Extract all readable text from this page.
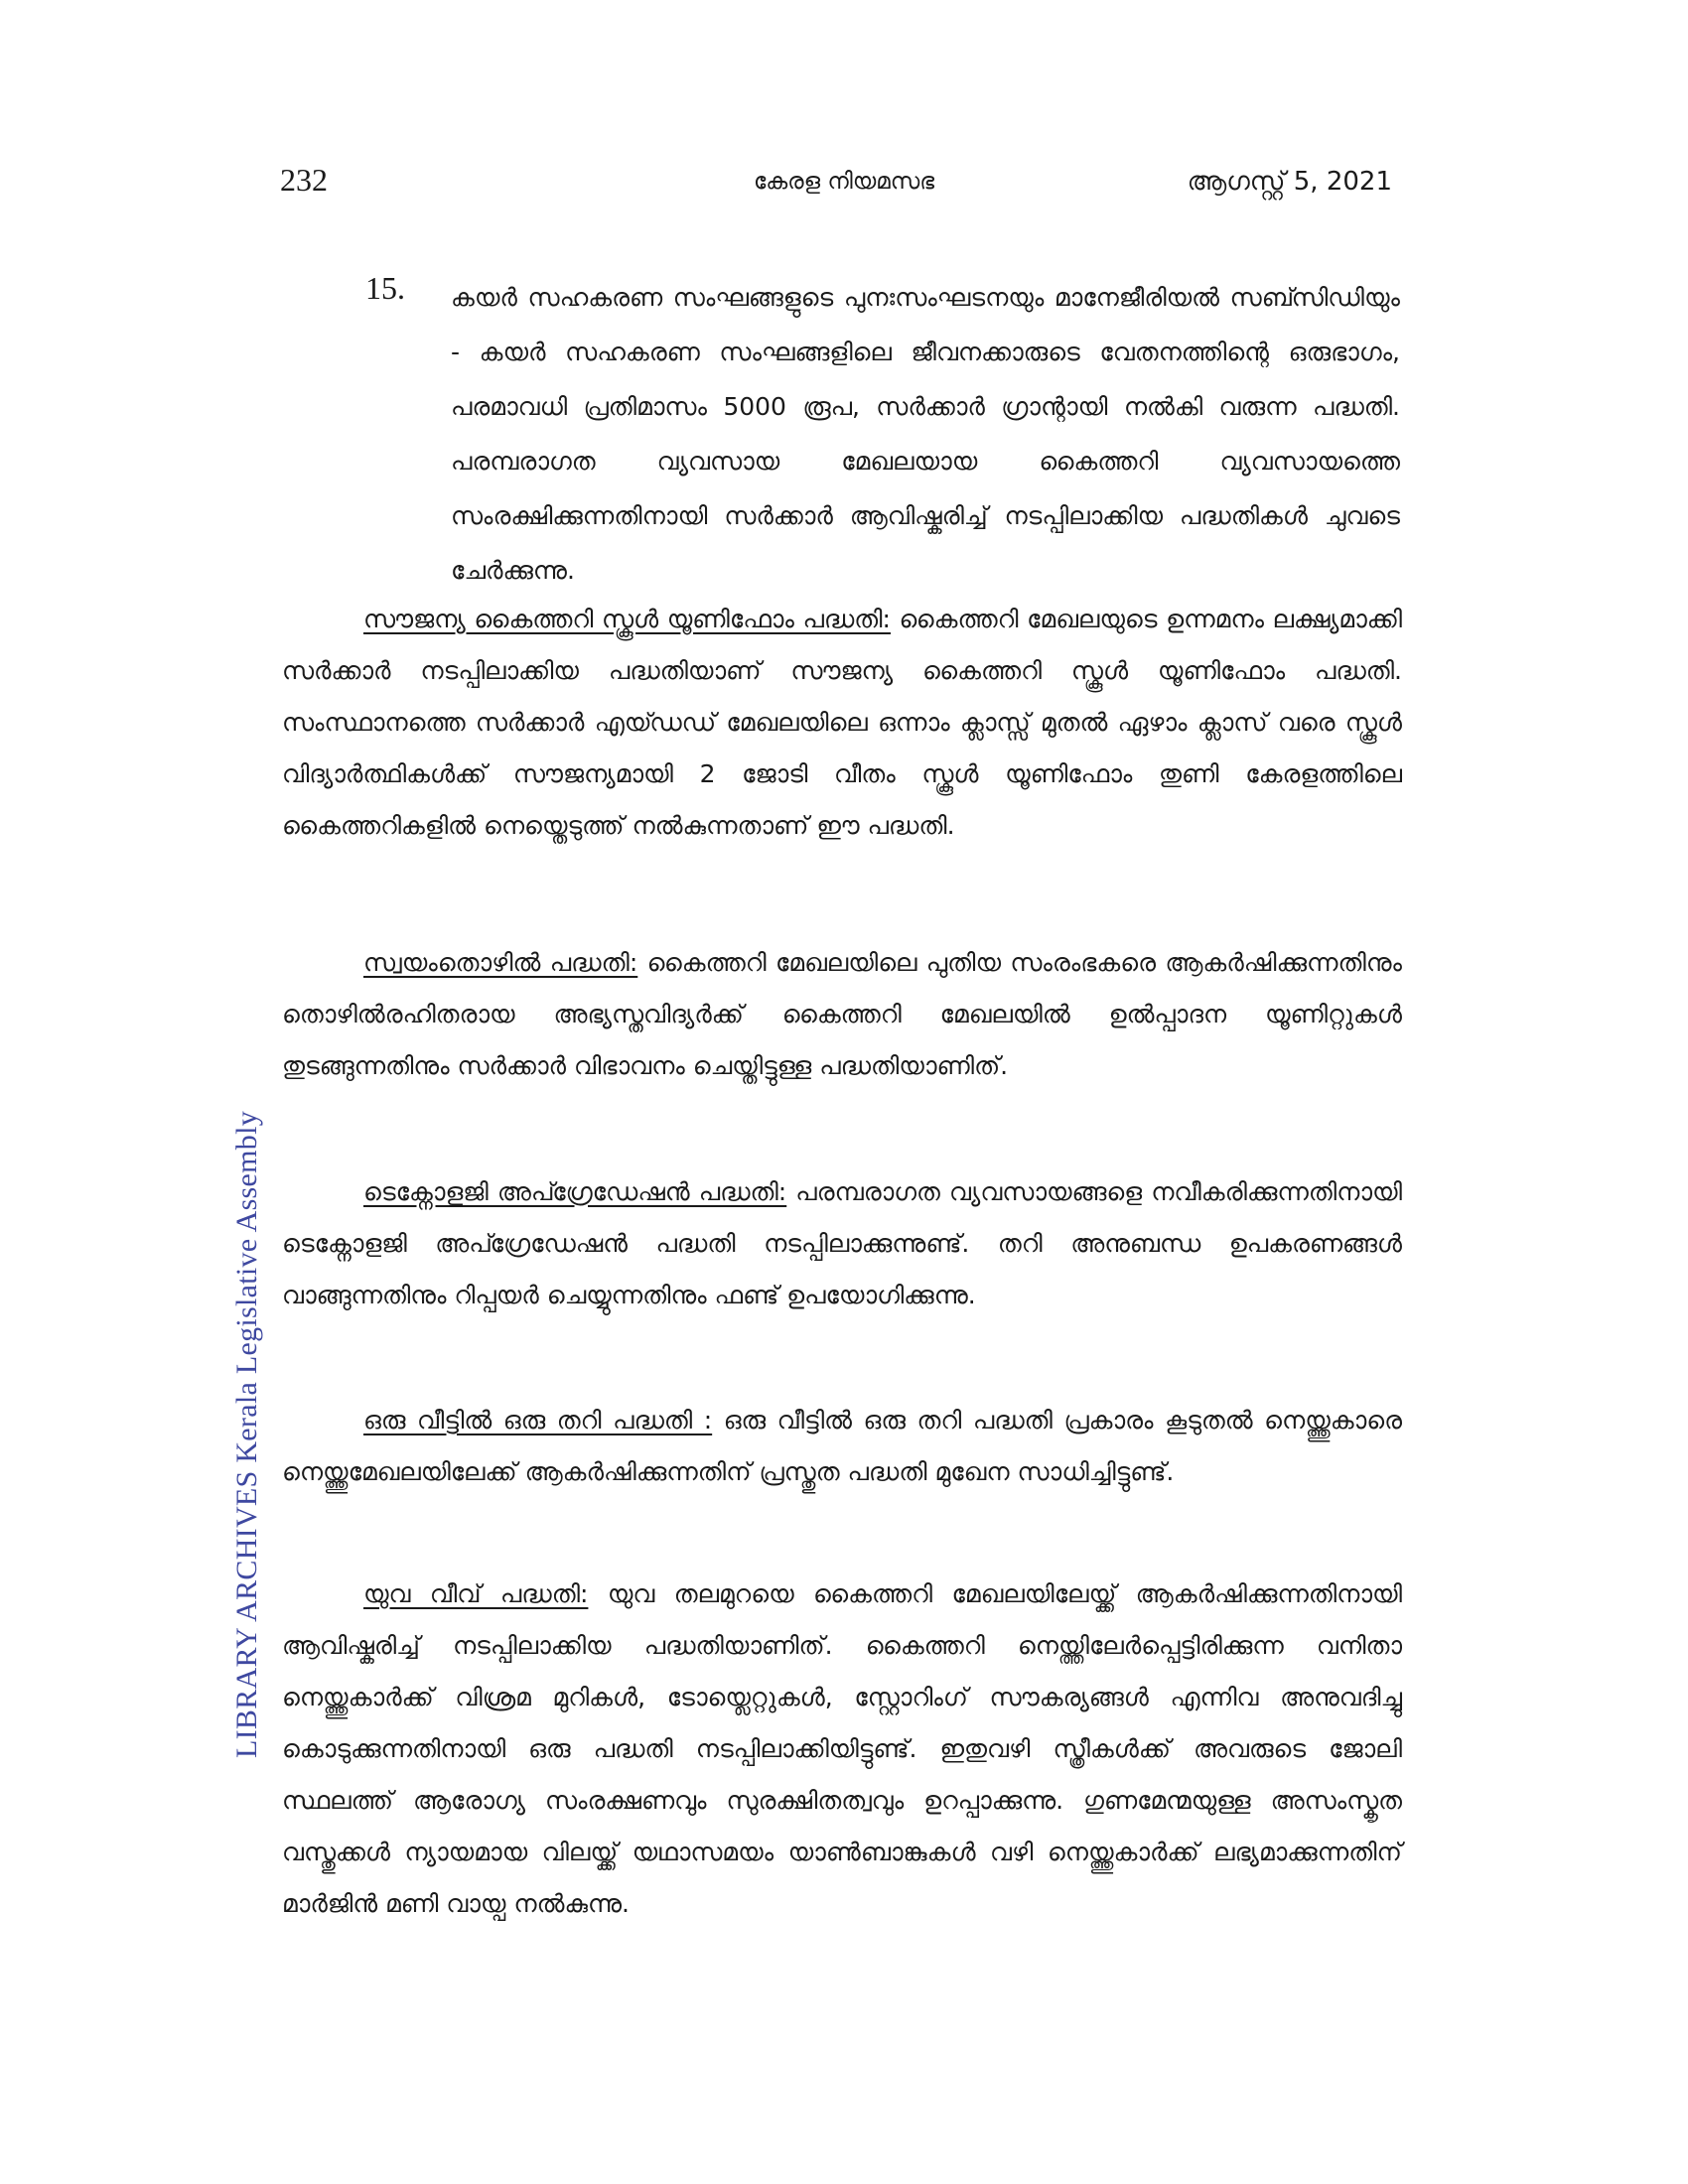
232	കേരള നിയമസഭ	ആഗസ്റ്റ് 5, 2021
LIBRARY ARCHIVES Kerala Legislative Assembly
15. കയർ സഹകരണ സംഘങ്ങളുടെ പുനഃസംഘടനയും മാനേജീരിയൽ സബ്സിഡിയും - കയർ സഹകരണ സംഘങ്ങളിലെ ജീവനക്കാരുടെ വേതനത്തിന്റെ ഒരുഭാഗം, പരമാവധി പ്രതിമാസം 5000 രൂപ, സർക്കാർ ഗ്രാന്റായി നൽകി വരുന്ന പദ്ധതി. പരമ്പരാഗത വ്യവസായ മേഖലയായ കൈത്തറി വ്യവസായത്തെ സംരക്ഷിക്കുന്നതിനായി സർക്കാർ ആവിഷ്കരിച്ച് നടപ്പിലാക്കിയ പദ്ധതികൾ ചുവടെ ചേർക്കുന്നു.

സൗജന്യ കൈത്തറി സ്കൂൾ യൂണിഫോം പദ്ധതി: കൈത്തറി മേഖലയുടെ ഉന്നമനം ലക്ഷ്യമാക്കി സർക്കാർ നടപ്പിലാക്കിയ പദ്ധതിയാണ് സൗജന്യ കൈത്തറി സ്കൂൾ യൂണിഫോം പദ്ധതി. സംസ്ഥാനത്തെ സർക്കാർ എയ്ഡഡ് മേഖലയിലെ ഒന്നാം ക്ലാസ്സ് മുതൽ ഏഴാം ക്ലാസ് വരെ സ്കൂൾ വിദ്യാർത്ഥികൾക്ക് സൗജന്യമായി 2 ജോടി വീതം സ്കൂൾ യൂണിഫോം തുണി കേരളത്തിലെ കൈത്തറികളിൽ നെയ്തെടുത്ത് നൽകുന്നതാണ് ഈ പദ്ധതി.

സ്വയംതൊഴിൽ പദ്ധതി: കൈത്തറി മേഖലയിലെ പുതിയ സംരംഭകരെ ആകർഷിക്കുന്നതിനും തൊഴിൽരഹിതരായ അഭ്യസ്തവിദ്യർക്ക് കൈത്തറി മേഖലയിൽ ഉൽപ്പാദന യൂണിറ്റുകൾ തുടങ്ങുന്നതിനും സർക്കാർ വിഭാവനം ചെയ്തിട്ടുള്ള പദ്ധതിയാണിത്.

ടെക്നോളജി അപ്ഗ്രേഡേഷൻ പദ്ധതി: പരമ്പരാഗത വ്യവസായങ്ങളെ നവീകരിക്കുന്നതിനായി ടെക്നോളജി അപ്ഗ്രേഡേഷൻ പദ്ധതി നടപ്പിലാക്കുന്നുണ്ട്. തറി അനുബന്ധ ഉപകരണങ്ങൾ വാങ്ങുന്നതിനും റിപ്പയർ ചെയ്യുന്നതിനും ഫണ്ട് ഉപയോഗിക്കുന്നു.

ഒരു വീട്ടിൽ ഒരു തറി പദ്ധതി : ഒരു വീട്ടിൽ ഒരു തറി പദ്ധതി പ്രകാരം കൂടുതൽ നെയ്ത്തുകാരെ നെയ്ത്തുമേഖലയിലേക്ക് ആകർഷിക്കുന്നതിന് പ്രസ്തുത പദ്ധതി മുഖേന സാധിച്ചിട്ടുണ്ട്.

യുവ വീവ് പദ്ധതി: യുവ തലമുറയെ കൈത്തറി മേഖലയിലേയ്ക്ക് ആകർഷിക്കുന്നതിനായി ആവിഷ്കരിച്ച് നടപ്പിലാക്കിയ പദ്ധതിയാണിത്. കൈത്തറി നെയ്ത്തിലേർപ്പെട്ടിരിക്കുന്ന വനിതാ നെയ്ത്തുകാർക്ക് വിശ്രമ മുറികൾ, ടോയ്ലെറ്റുകൾ, സ്റ്റോറിംഗ് സൗകര്യങ്ങൾ എന്നിവ അനുവദിച്ചു കൊടുക്കുന്നതിനായി ഒരു പദ്ധതി നടപ്പിലാക്കിയിട്ടുണ്ട്. ഇതുവഴി സ്ത്രീകൾക്ക് അവരുടെ ജോലി സ്ഥലത്ത് ആരോഗ്യ സംരക്ഷണവും സുരക്ഷിതത്വവും ഉറപ്പാക്കുന്നു. ഗുണമേന്മയുള്ള അസംസ്കൃത വസ്തുക്കൾ ന്യായമായ വിലയ്ക്ക് യഥാസമയം യാൺബാങ്കുകൾ വഴി നെയ്ത്തുകാർക്ക് ലഭ്യമാക്കുന്നതിന് മാർജിൻ മണി വായ്പ നൽകുന്നു.
